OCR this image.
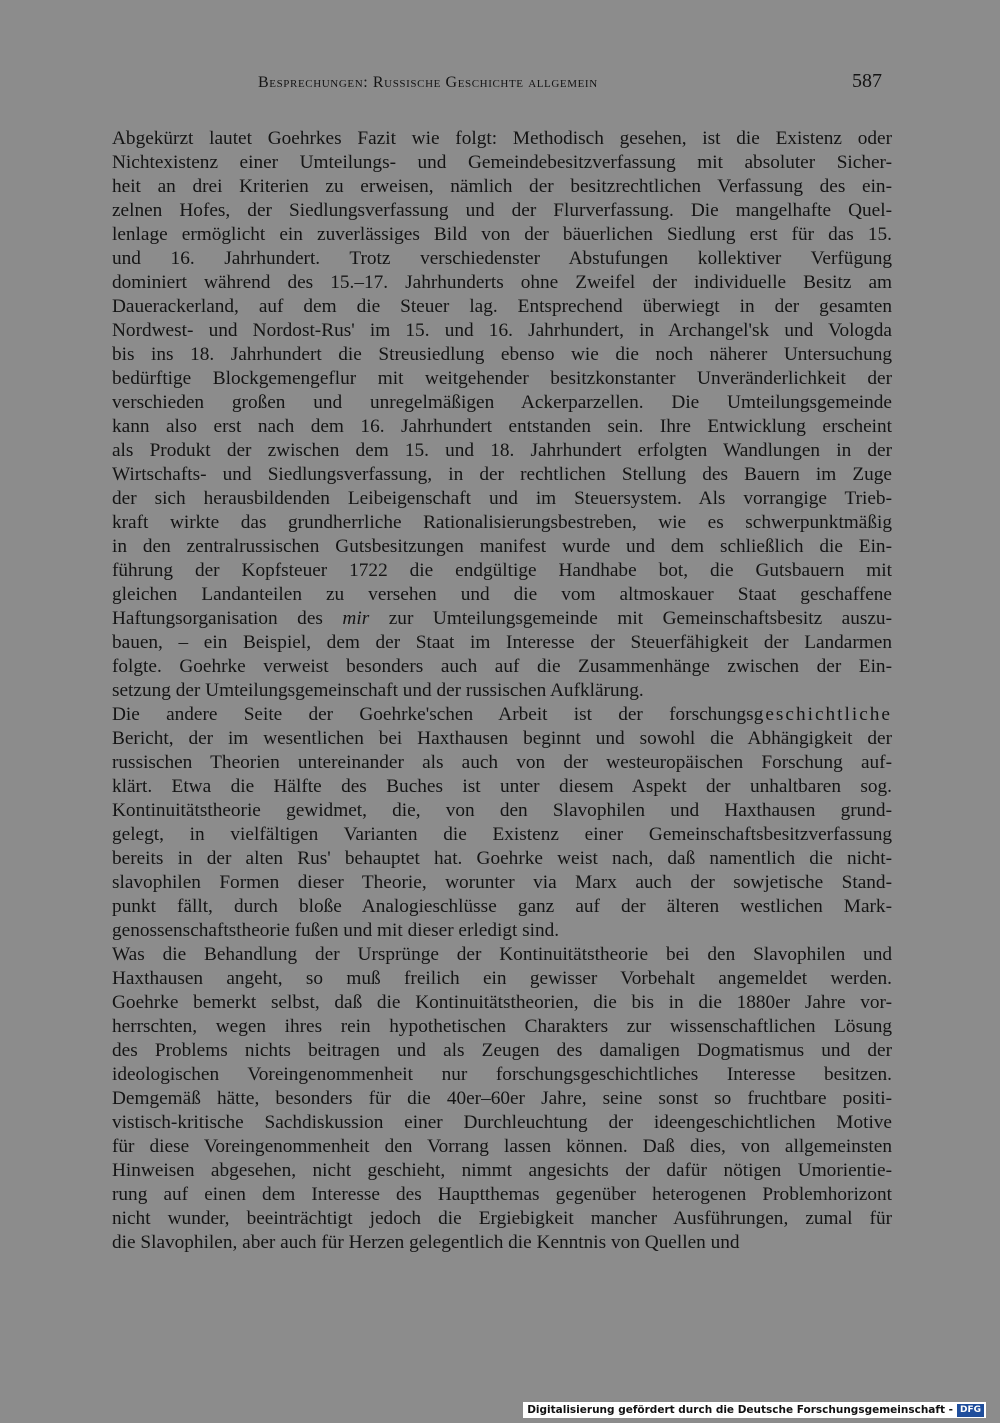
Besprechungen: Russische Geschichte allgemein	587
Abgekürzt lautet Goehrkes Fazit wie folgt: Methodisch gesehen, ist die Existenz oder
Nichtexistenz einer Umteilungs- und Gemeindebesitzverfassung mit absoluter Sicher-
heit an drei Kriterien zu erweisen, nämlich der besitzrechtlichen Verfassung des ein-
zelnen Hofes, der Siedlungsverfassung und der Flurverfassung. Die mangelhafte Quel-
lenlage ermöglicht ein zuverlässiges Bild von der bäuerlichen Siedlung erst für das 15.
und 16. Jahrhundert. Trotz verschiedenster Abstufungen kollektiver Verfügung
dominiert während des 15.–17. Jahrhunderts ohne Zweifel der individuelle Besitz am
Dauerackerland, auf dem die Steuer lag. Entsprechend überwiegt in der gesamten
Nordwest- und Nordost-Rus' im 15. und 16. Jahrhundert, in Archangel'sk und Vologda
bis ins 18. Jahrhundert die Streusiedlung ebenso wie die noch näherer Untersuchung
bedürftige Blockgemengeflur mit weitgehender besitzkonstanter Unveränderlichkeit der
verschieden großen und unregelmäßigen Ackerparzellen. Die Umteilungsgemeinde
kann also erst nach dem 16. Jahrhundert entstanden sein. Ihre Entwicklung erscheint
als Produkt der zwischen dem 15. und 18. Jahrhundert erfolgten Wandlungen in der
Wirtschafts- und Siedlungsverfassung, in der rechtlichen Stellung des Bauern im Zuge
der sich herausbildenden Leibeigenschaft und im Steuersystem. Als vorrangige Trieb-
kraft wirkte das grundherrliche Rationalisierungsbestreben, wie es schwerpunktmäßig
in den zentralrussischen Gutsbesitzungen manifest wurde und dem schließlich die Ein-
führung der Kopfsteuer 1722 die endgültige Handhabe bot, die Gutsbauern mit
gleichen Landanteilen zu versehen und die vom altmoskauer Staat geschaffene
Haftungsorganisation des mir zur Umteilungsgemeinde mit Gemeinschaftsbesitz auszu-
bauen, – ein Beispiel, dem der Staat im Interesse der Steuerfähigkeit der Landarmen
folgte. Goehrke verweist besonders auch auf die Zusammenhänge zwischen der Ein-
setzung der Umteilungsgemeinschaft und der russischen Aufklärung.
Die andere Seite der Goehrke'schen Arbeit ist der forschungsgeschichtliche
Bericht, der im wesentlichen bei Haxthausen beginnt und sowohl die Abhängigkeit der
russischen Theorien untereinander als auch von der westeuropäischen Forschung auf-
klärt. Etwa die Hälfte des Buches ist unter diesem Aspekt der unhaltbaren sog.
Kontinuitätstheorie gewidmet, die, von den Slavophilen und Haxthausen grund-
gelegt, in vielfältigen Varianten die Existenz einer Gemeinschaftsbesitzverfassung
bereits in der alten Rus' behauptet hat. Goehrke weist nach, daß namentlich die nicht-
slavophilen Formen dieser Theorie, worunter via Marx auch der sowjetische Stand-
punkt fällt, durch bloße Analogieschlüsse ganz auf der älteren westlichen Mark-
genossenschaftstheorie fußen und mit dieser erledigt sind.
Was die Behandlung der Ursprünge der Kontinuitätstheorie bei den Slavophilen und
Haxthausen angeht, so muß freilich ein gewisser Vorbehalt angemeldet werden.
Goehrke bemerkt selbst, daß die Kontinuitätstheorien, die bis in die 1880er Jahre vor-
herrschten, wegen ihres rein hypothetischen Charakters zur wissenschaftlichen Lösung
des Problems nichts beitragen und als Zeugen des damaligen Dogmatismus und der
ideologischen Voreingenommenheit nur forschungsgeschichtliches Interesse besitzen.
Demgemäß hätte, besonders für die 40er–60er Jahre, seine sonst so fruchtbare positi-
vistisch-kritische Sachdiskussion einer Durchleuchtung der ideengeschichtlichen Motive
für diese Voreingenommenheit den Vorrang lassen können. Daß dies, von allgemeinsten
Hinweisen abgesehen, nicht geschieht, nimmt angesichts der dafür nötigen Umorientie-
rung auf einen dem Interesse des Hauptthemas gegenüber heterogenen Problemhorizont
nicht wunder, beeinträchtigt jedoch die Ergiebigkeit mancher Ausführungen, zumal für
die Slavophilen, aber auch für Herzen gelegentlich die Kenntnis von Quellen und
Digitalisierung gefördert durch die Deutsche Forschungsgemeinschaft - DFG
